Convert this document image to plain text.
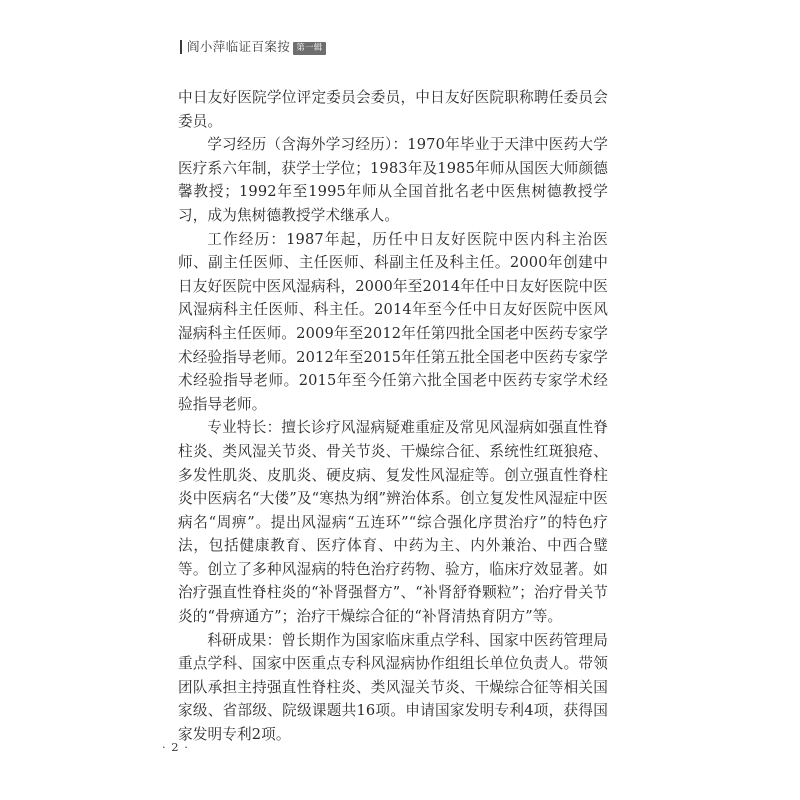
阎小萍临证百案按 第一辑

中日友好医院学位评定委员会委员，中日友好医院职称聘任委员会委员。

学习经历（含海外学习经历）：1970年毕业于天津中医药大学医疗系六年制，获学士学位；1983年及1985年师从国医大师颜德馨教授；1992年至1995年师从全国首批名老中医焦树德教授学习，成为焦树德教授学术继承人。

工作经历：1987年起，历任中日友好医院中医内科主治医师、副主任医师、主任医师、科副主任及科主任。2000年创建中日友好医院中医风湿病科，2000年至2014年任中日友好医院中医风湿病科主任医师、科主任。2014年至今任中日友好医院中医风湿病科主任医师。2009年至2012年任第四批全国老中医药专家学术经验指导老师。2012年至2015年任第五批全国老中医药专家学术经验指导老师。2015年至今任第六批全国老中医药专家学术经验指导老师。

专业特长：擅长诊疗风湿病疑难重症及常见风湿病如强直性脊柱炎、类风湿关节炎、骨关节炎、干燥综合征、系统性红斑狼疮、多发性肌炎、皮肌炎、硬皮病、复发性风湿症等。创立强直性脊柱炎中医病名“大偻”及“寒热为纲”辨治体系。创立复发性风湿症中医病名“周痹”。提出风湿病“五连环”“综合强化序贯治疗”的特色疗法，包括健康教育、医疗体育、中药为主、内外兼治、中西合璧等。创立了多种风湿病的特色治疗药物、验方，临床疗效显著。如治疗强直性脊柱炎的“补肾强督方”、“补肾舒脊颗粒”；治疗骨关节炎的“骨痹通方”；治疗干燥综合征的“补肾清热育阴方”等。

科研成果：曾长期作为国家临床重点学科、国家中医药管理局重点学科、国家中医重点专科风湿病协作组组长单位负责人。带领团队承担主持强直性脊柱炎、类风湿关节炎、干燥综合征等相关国家级、省部级、院级课题共16项。申请国家发明专利4项，获得国家发明专利2项。

· 2 ·
